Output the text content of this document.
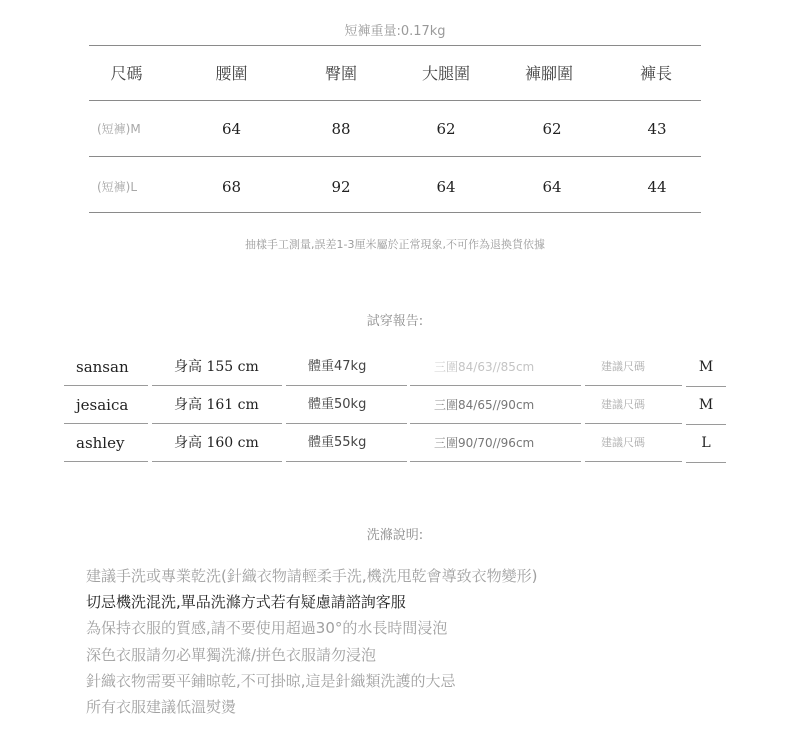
短褲重量:0.17kg
尺碼	腰圍	臀圍	大腿圍	褲腳圍	褲長
(短褲)M	64	88	62	62	43
(短褲)L	68	92	64	64	44
抽樣手工測量,誤差1-3厘米屬於正常現象,不可作為退換貨依據
試穿報告:
sansan	身高 155 cm	體重47kg	三圍84/63//85cm	建議尺碼	M
jesaica	身高 161 cm	體重50kg	三圍84/65//90cm	建議尺碼	M
ashley	身高 160 cm	體重55kg	三圍90/70//96cm	建議尺碼	L
洗滌說明:
建議手洗或專業乾洗(針織衣物請輕柔手洗,機洗甩乾會導致衣物變形)
切忌機洗混洗,單品洗滌方式若有疑慮請諮詢客服
為保持衣服的質感,請不要使用超過30°的水長時間浸泡
深色衣服請勿必單獨洗滌/拼色衣服請勿浸泡
針織衣物需要平鋪晾乾,不可掛晾,這是針織類洗護的大忌
所有衣服建議低溫熨燙
